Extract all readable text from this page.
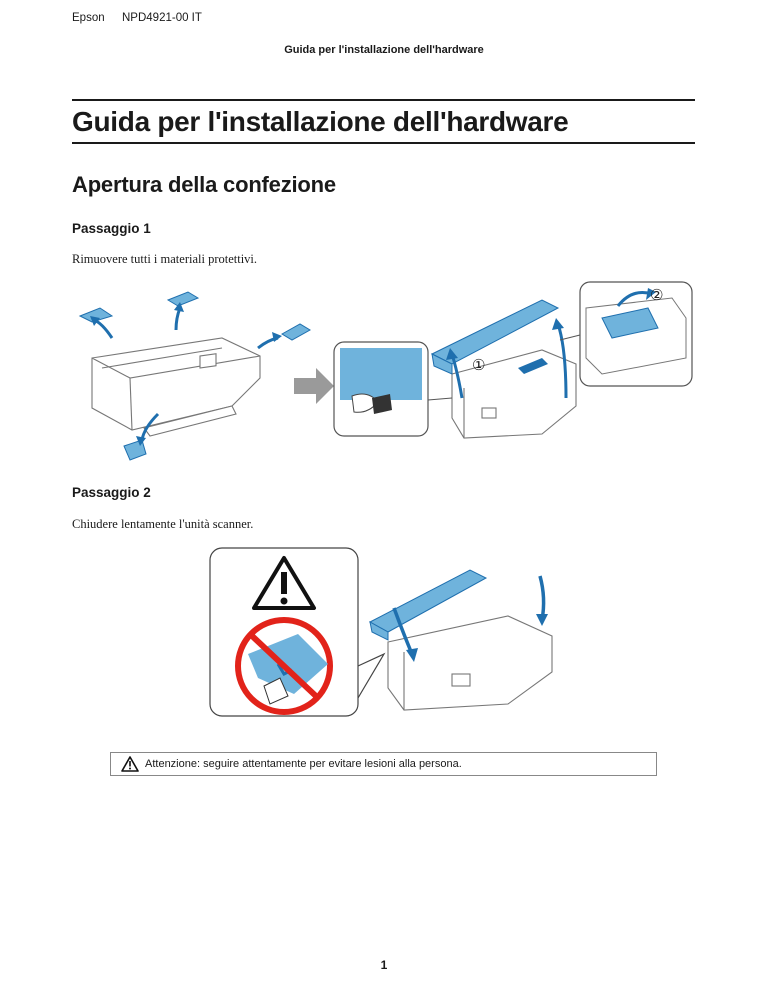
Epson NPD4921-00 IT
Guida per l'installazione dell'hardware
Guida per l'installazione dell'hardware
Apertura della confezione
Passaggio 1
Rimuovere tutti i materiali protettivi.
①
②
Passaggio 2
Chiudere lentamente l'unità scanner.
Attenzione: seguire attentamente per evitare lesioni alla persona.
1
